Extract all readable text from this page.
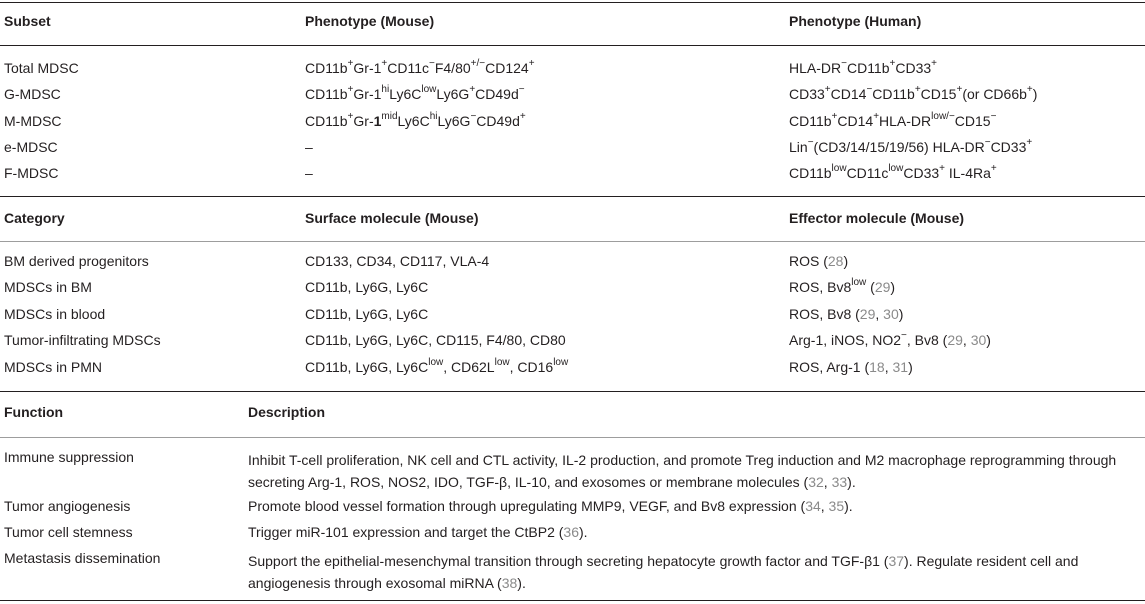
Subset	Phenotype (Mouse)	Phenotype (Human)
Total MDSC	CD11b+Gr-1+CD11c−F4/80+/−CD124+	HLA-DR−CD11b+CD33+
G-MDSC	$CD11b^+Gr-1^{hi}Ly6C^{low}Ly6G^+CD49d^-$	CD33+CD14−CD11b+CD15+(or CD66b+)
M-MDSC	$CD11b^+Gr-1^{mid}Ly6C^{hi}Ly6G^-CD49d^+$	$CD11b^+CD14^+HLA-DR^{low/-}CD15^-$
e-MDSC	–	Lin−(CD3/14/15/19/56) HLA-DR−CD33+
F-MDSC	–	$CD11b^{low}CD11c^{low}CD33^+$ IL-4Ra+
Category	Surface molecule (Mouse)	Effector molecule (Mouse)
BM derived progenitors	CD133, CD34, CD117, VLA-4	ROS (28)
MDSCs in BM	CD11b, Ly6G, Ly6C	ROS, $Bv8^{low}$ (29)
MDSCs in blood	CD11b, Ly6G, Ly6C	ROS, Bv8 (29, 30)
Tumor-infiltrating MDSCs	CD11b, Ly6G, Ly6C, CD115, F4/80, CD80	Arg-1, iNOS, NO2−, Bv8 (29, 30)
MDSCs in PMN	CD11b, Ly6G, $Ly6C^{low}$, $CD62L^{low}$, $CD16^{low}$	ROS, Arg-1 (18, 31)
Function	Description
Immune suppression	Inhibit T-cell proliferation, NK cell and CTL activity, IL-2 production, and promote Treg induction and M2 macrophage reprogramming through secreting Arg-1, ROS, NOS2, IDO, TGF-β, IL-10, and exosomes or membrane molecules (32, 33).
Tumor angiogenesis	Promote blood vessel formation through upregulating MMP9, VEGF, and Bv8 expression (34, 35).
Tumor cell stemness	Trigger miR-101 expression and target the CtBP2 (36).
Metastasis dissemination	Support the epithelial-mesenchymal transition through secreting hepatocyte growth factor and TGF-β1 (37). Regulate resident cell and angiogenesis through exosomal miRNA (38).
